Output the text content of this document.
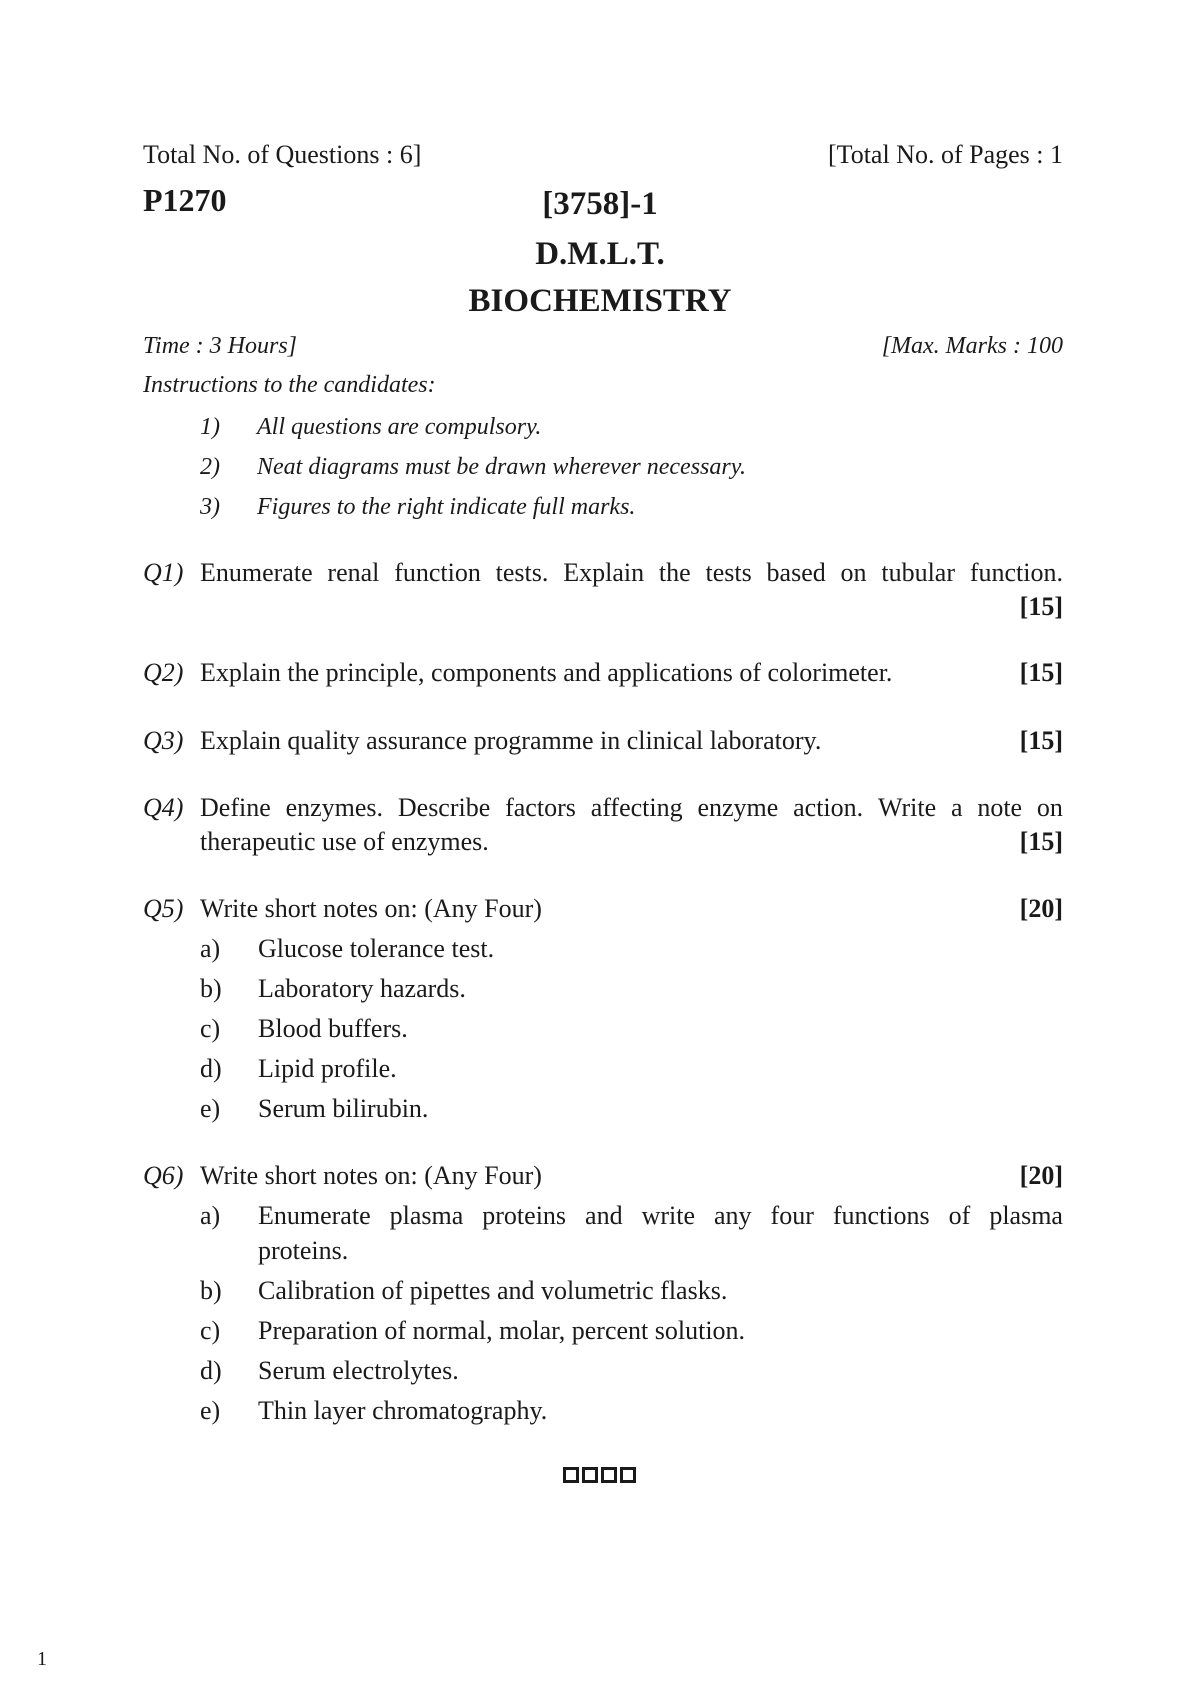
Total No. of Questions : 6]	[Total No. of Pages : 1
P1270	[3758]-1
D.M.L.T.
BIOCHEMISTRY
Time : 3 Hours]	[Max. Marks : 100
Instructions to the candidates:
1) All questions are compulsory.
2) Neat diagrams must be drawn wherever necessary.
3) Figures to the right indicate full marks.
Q1) Enumerate renal function tests. Explain the tests based on tubular function.
[15]
Q2) Explain the principle, components and applications of colorimeter.	[15]
Q3) Explain quality assurance programme in clinical laboratory.	[15]
Q4) Define enzymes. Describe factors affecting enzyme action. Write a note on
therapeutic use of enzymes.	[15]
Q5) Write short notes on: (Any Four)	[20]
a) Glucose tolerance test.
b) Laboratory hazards.
c) Blood buffers.
d) Lipid profile.
e) Serum bilirubin.
Q6) Write short notes on: (Any Four)	[20]
a) Enumerate plasma proteins and write any four functions of plasma
proteins.
b) Calibration of pipettes and volumetric flasks.
c) Preparation of normal, molar, percent solution.
d) Serum electrolytes.
e) Thin layer chromatography.
1
